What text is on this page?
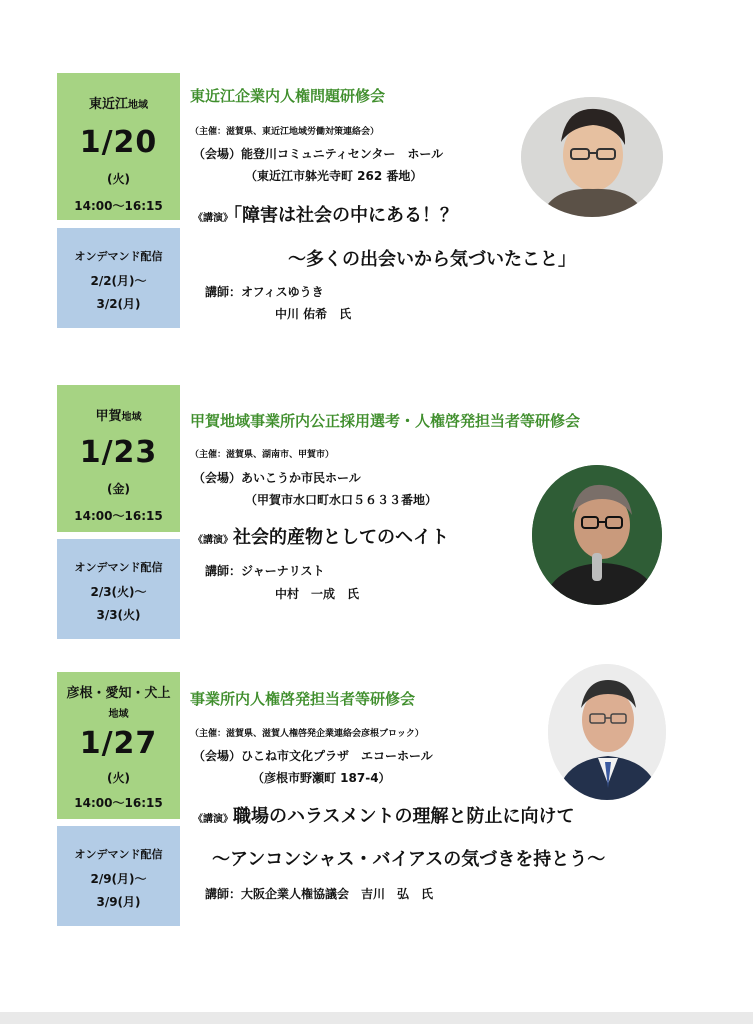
東近江地域
1/20
(火)
14:00～16:15
オンデマンド配信
2/2(月)～
3/2(月)
東近江企業内人権問題研修会
（主催：滋賀県、東近江地域労働対策連絡会）
（会場）能登川コミュニティセンター　ホール
（東近江市躰光寺町 262 番地）
《講演》「障害は社会の中にある！？
～多くの出会いから気づいたこと」
講師：オフィスゆうき
中川 佑希　氏
甲賀地域
1/23
(金)
14:00～16:15
オンデマンド配信
2/3(火)～
3/3(火)
甲賀地域事業所内公正採用選考・人権啓発担当者等研修会
（主催：滋賀県、湖南市、甲賀市）
（会場）あいこうか市民ホール
（甲賀市水口町水口５６３３番地）
《講演》社会的産物としてのヘイト
講師：ジャーナリスト
中村　一成　氏
彦根・愛知・犬上
地域
1/27
(火)
14:00～16:15
オンデマンド配信
2/9(月)～
3/9(月)
事業所内人権啓発担当者等研修会
（主催：滋賀県、滋賀人権啓発企業連絡会彦根ブロック）
（会場）ひこね市文化プラザ　エコーホール
（彦根市野瀬町 187-4）
《講演》職場のハラスメントの理解と防止に向けて
～アンコンシャス・バイアスの気づきを持とう～
講師：大阪企業人権協議会　吉川　弘　氏
